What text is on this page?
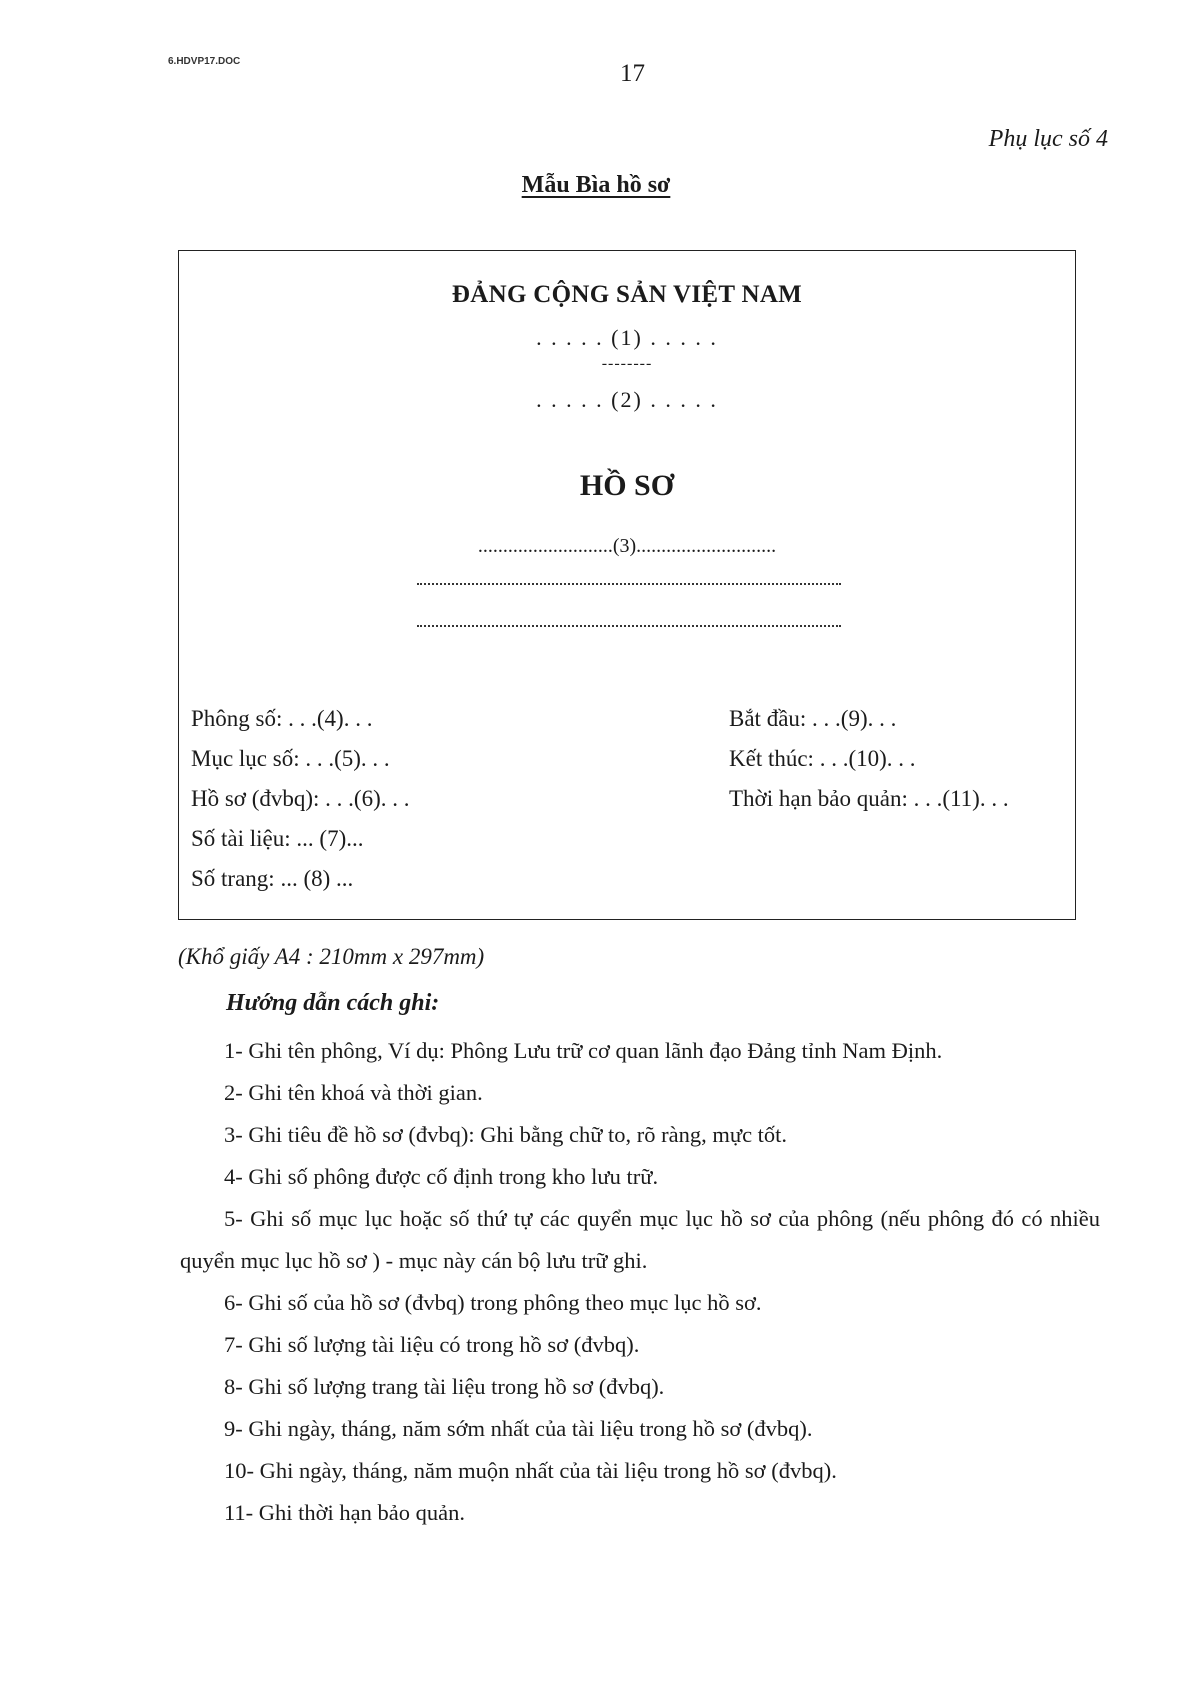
6.HDVP17.DOC	17
Phụ lục số 4
Mẫu Bìa hồ sơ
ĐẢNG CỘNG SẢN VIỆT NAM
. . . . . (1) . . . . .
--------
. . . . . (2) . . . . .
HỒ SƠ
...........................(3)............................
Phông số: . . .(4). . .
Mục lục số: . . .(5). . .
Hồ sơ (đvbq): . . .(6). . .
Số tài liệu: ... (7)...
Số trang: ... (8) ...
Bắt đầu: . . .(9). . .
Kết thúc: . . .(10). . .
Thời hạn bảo quản: . . .(11). . .
(Khổ giấy A4 : 210mm x 297mm)
Hướng dẫn cách ghi:
1- Ghi tên phông, Ví dụ: Phông Lưu trữ cơ quan lãnh đạo Đảng tỉnh Nam Định.
2- Ghi tên khoá và thời gian.
3- Ghi tiêu đề hồ sơ (đvbq): Ghi bằng chữ to, rõ ràng, mực tốt.
4- Ghi số phông được cố định trong kho lưu trữ.
5- Ghi số mục lục hoặc số thứ tự các quyển mục lục hồ sơ của phông (nếu phông đó có nhiều quyển mục lục hồ sơ ) - mục này cán bộ lưu trữ ghi.
6- Ghi số của hồ sơ (đvbq) trong phông theo mục lục hồ sơ.
7- Ghi số lượng tài liệu có trong hồ sơ (đvbq).
8- Ghi số lượng trang tài liệu trong hồ sơ (đvbq).
9- Ghi ngày, tháng, năm sớm nhất của tài liệu trong hồ sơ (đvbq).
10- Ghi ngày, tháng, năm muộn nhất của tài liệu trong hồ sơ (đvbq).
11- Ghi thời hạn bảo quản.
